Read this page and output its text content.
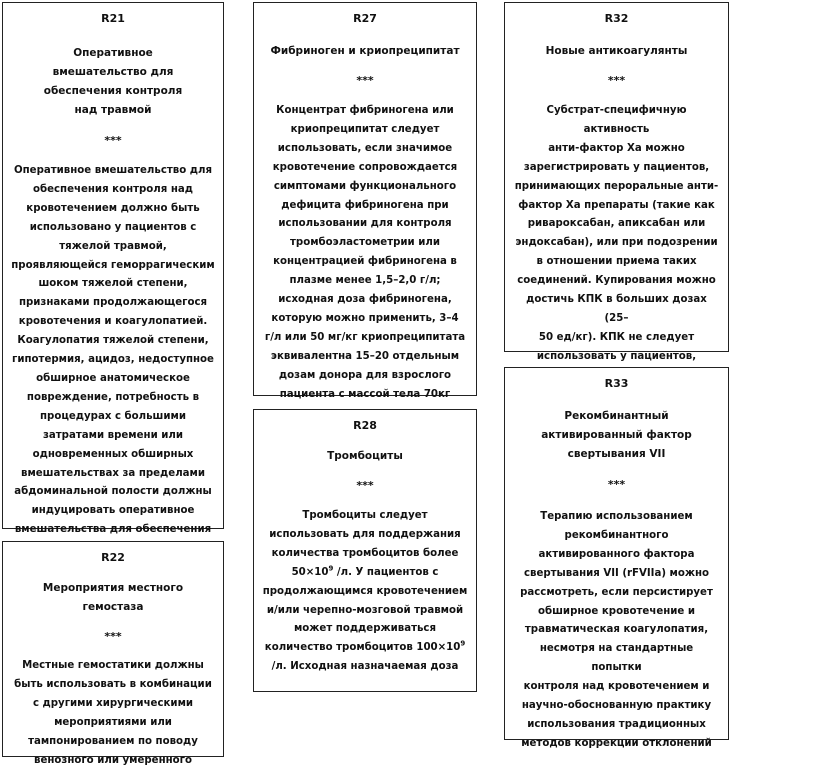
R21
Оперативное вмешательство для обеспечения контроля над травмой
***
Оперативное вмешательство для
обеспечения контроля над
кровотечением должно быть
использовано у пациентов с
тяжелой травмой,
проявляющейся геморрагическим
шоком тяжелой степени,
признаками продолжающегося
кровотечения и коагулопатией.
Коагулопатия тяжелой степени,
гипотермия, ацидоз, недоступное
обширное анатомическое
повреждение, потребность в
процедурах с большими
затратами времени или
одновременных обширных
вмешательствах за пределами
абдоминальной полости должны
индуцировать оперативное
вмешательства для обеспечения

R22
Мероприятия местного гемостаза
***
Местные гемостатики должны
быть использовать в комбинации
с другими хирургическими
мероприятиями или
тампонированием по поводу
венозного или умеренного
R27
Фибриноген и криопреципитат
***
Концентрат фибриногена или
криопреципитат следует
использовать, если значимое
кровотечение сопровождается
симптомами функционального
дефицита фибриногена при
использовании для контроля
тромбоэластометрии или
концентрацией фибриногена в
плазме менее 1,5–2,0 г/л;
исходная доза фибриногена,
которую можно применить, 3–4
г/л или 50 мг/кг криопреципитата
эквивалентна 15–20 отдельным
дозам донора для взрослого
пациента с массой тела 70кг
R28
Тромбоциты
***
Тромбоциты следует
использовать для поддержания
количества тромбоцитов более
$50\times 10^9$ /л. У пациентов с
продолжающимся кровотечением
и/или черепно-мозговой травмой
может поддерживаться
количество тромбоцитов $100\times 10^9$
/л. Исходная назначаемая доза
R32
Новые антикоагулянты
***
Субстрат-специфичную активность
анти-фактор Ха можно
зарегистрировать у пациентов,
принимающих пероральные анти-
фактор Ха препараты (такие как
ривароксабан, апиксабан или
эндоксабан), или при подозрении
в отношении приема таких
соединений. Купирования можно
достичь КПК в больших дозах (25–
50 ед/кг). КПК не следует
использовать у пациентов,

R33
Рекомбинантный активированный фактор свертывания VII
***
Терапию использованием
рекомбинантного
активированного фактора
свертывания VII (rFVIIa) можно
рассмотреть, если персистирует
обширное кровотечение и
травматическая коагулопатия,
несмотря на стандартные попытки
контроля над кровотечением и
научно-обоснованную практику
использования традиционных
методов коррекции отклонений
